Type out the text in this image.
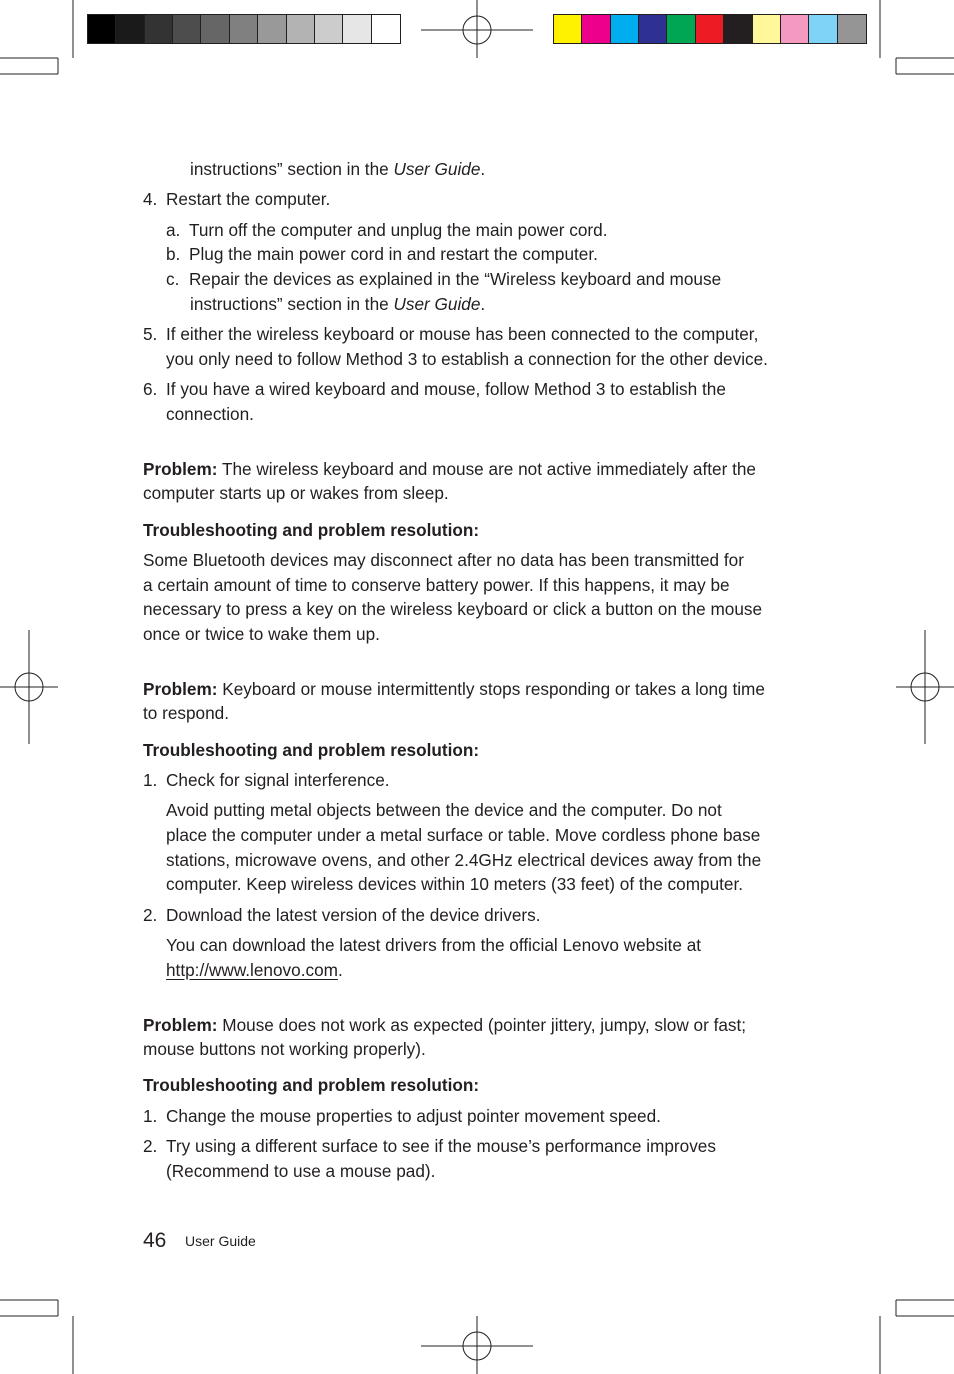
instructions” section in the User Guide.
4. Restart the computer.
a. Turn off the computer and unplug the main power cord.
b. Plug the main power cord in and restart the computer.
c. Repair the devices as explained in the “Wireless keyboard and mouse
instructions” section in the User Guide.
5. If either the wireless keyboard or mouse has been connected to the computer,
you only need to follow Method 3 to establish a connection for the other device.
6. If you have a wired keyboard and mouse, follow Method 3 to establish the
connection.
Problem: The wireless keyboard and mouse are not active immediately after the
computer starts up or wakes from sleep.
Troubleshooting and problem resolution:
Some Bluetooth devices may disconnect after no data has been transmitted for
a certain amount of time to conserve battery power. If this happens, it may be
necessary to press a key on the wireless keyboard or click a button on the mouse
once or twice to wake them up.
Problem: Keyboard or mouse intermittently stops responding or takes a long time
to respond.
Troubleshooting and problem resolution:
1. Check for signal interference.
Avoid putting metal objects between the device and the computer. Do not
place the computer under a metal surface or table. Move cordless phone base
stations, microwave ovens, and other 2.4GHz electrical devices away from the
computer. Keep wireless devices within 10 meters (33 feet) of the computer.
2. Download the latest version of the device drivers.
You can download the latest drivers from the official Lenovo website at
http://www.lenovo.com.
Problem: Mouse does not work as expected (pointer jittery, jumpy, slow or fast;
mouse buttons not working properly).
Troubleshooting and problem resolution:
1. Change the mouse properties to adjust pointer movement speed.
2. Try using a different surface to see if the mouse’s performance improves
(Recommend to use a mouse pad).
46 User Guide
